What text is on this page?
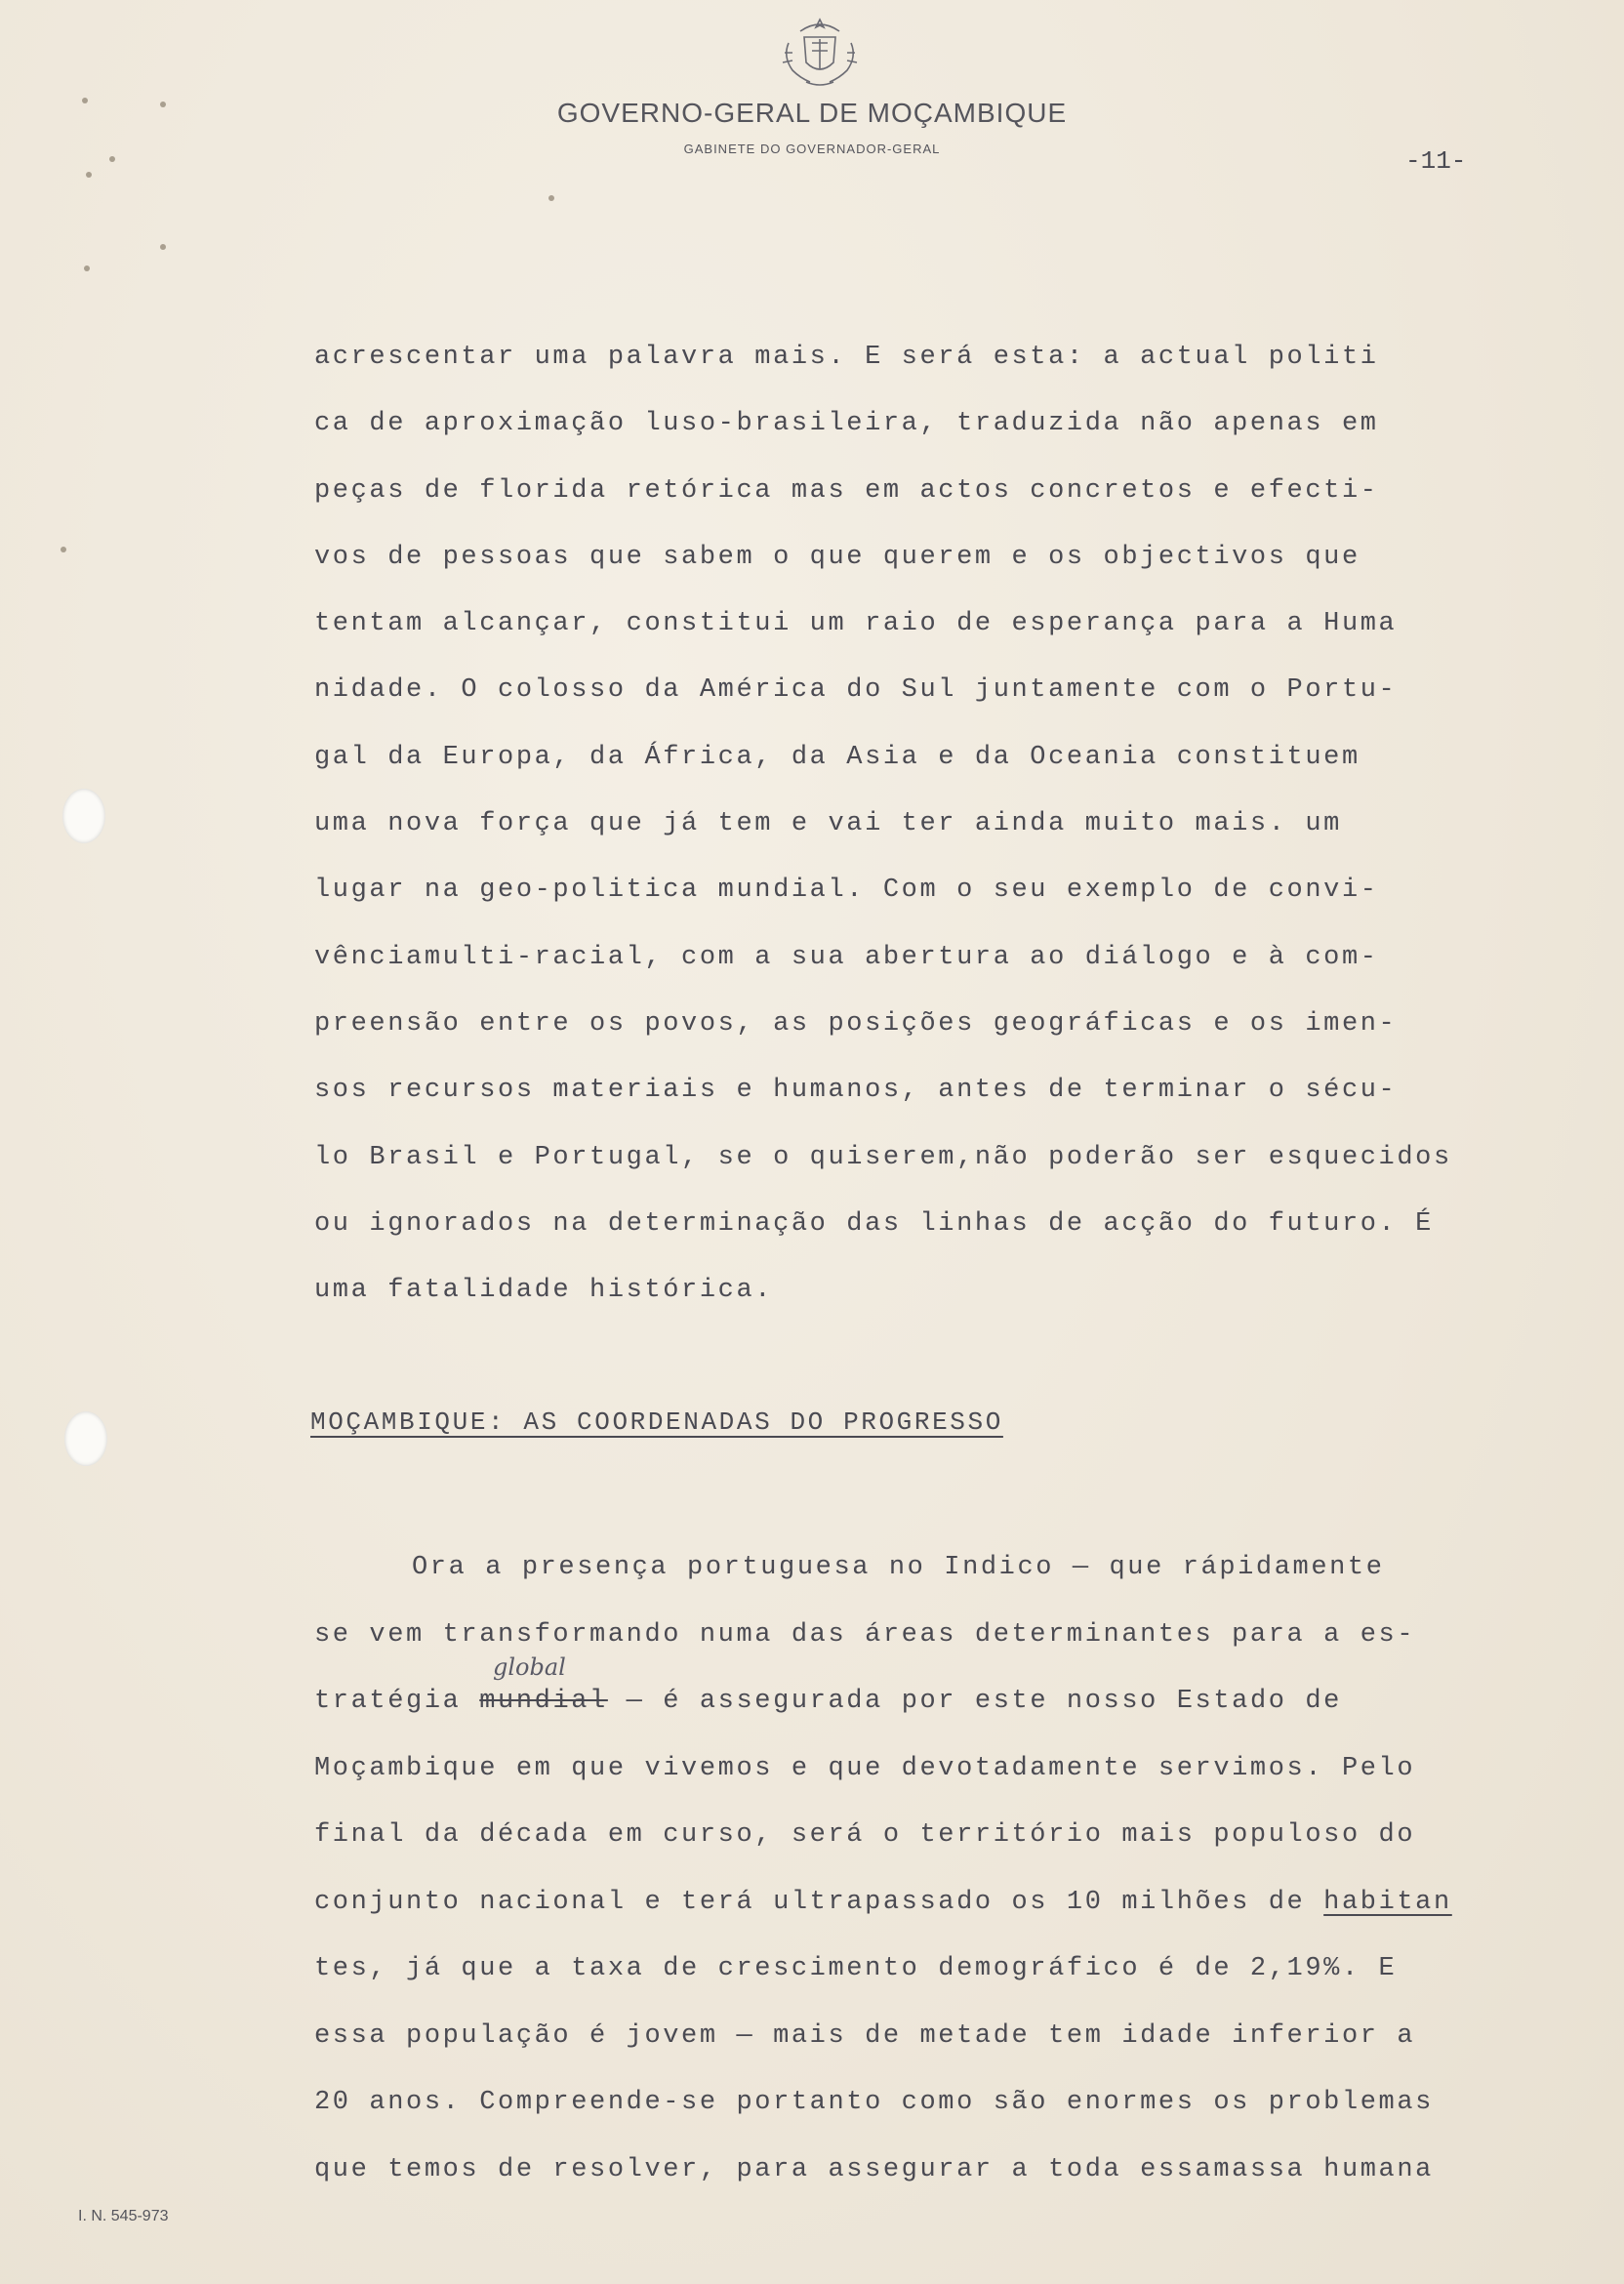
GOVERNO-GERAL DE MOÇAMBIQUE
GABINETE DO GOVERNADOR-GERAL	-11-
acrescentar uma palavra mais. E será esta: a actual politi
ca de aproximação luso-brasileira, traduzida não apenas em
peças de florida retórica mas em actos concretos e efecti-
vos de pessoas que sabem o que querem e os objectivos que
tentam alcançar, constitui um raio de esperança para a Huma
nidade. O colosso da América do Sul juntamente com o Portu-
gal da Europa, da África, da Asia e da Oceania constituem
uma nova força que já tem e vai ter ainda muito mais. um
lugar na geo-politica mundial. Com o seu exemplo de convi-
vênciamulti-racial, com a sua abertura ao diálogo e à com-
preensão entre os povos, as posições geográficas e os imen-
sos recursos materiais e humanos, antes de terminar o sécu-
lo Brasil e Portugal, se o quiserem,não poderão ser esquecidos
ou ignorados na determinação das linhas de acção do futuro. É
uma fatalidade histórica.
MOÇAMBIQUE: AS COORDENADAS DO PROGRESSO
global
Ora a presença portuguesa no Indico — que rápidamente
se vem transformando numa das áreas determinantes para a es-
tratégia mundial — é assegurada por este nosso Estado de
Moçambique em que vivemos e que devotadamente servimos. Pelo
final da década em curso, será o território mais populoso do
conjunto nacional e terá ultrapassado os 10 milhões de habitan
tes, já que a taxa de crescimento demográfico é de 2,19%. E
essa população é jovem — mais de metade tem idade inferior a
20 anos. Compreende-se portanto como são enormes os problemas
que temos de resolver, para assegurar a toda essamassa humana
I. N. 545-973
